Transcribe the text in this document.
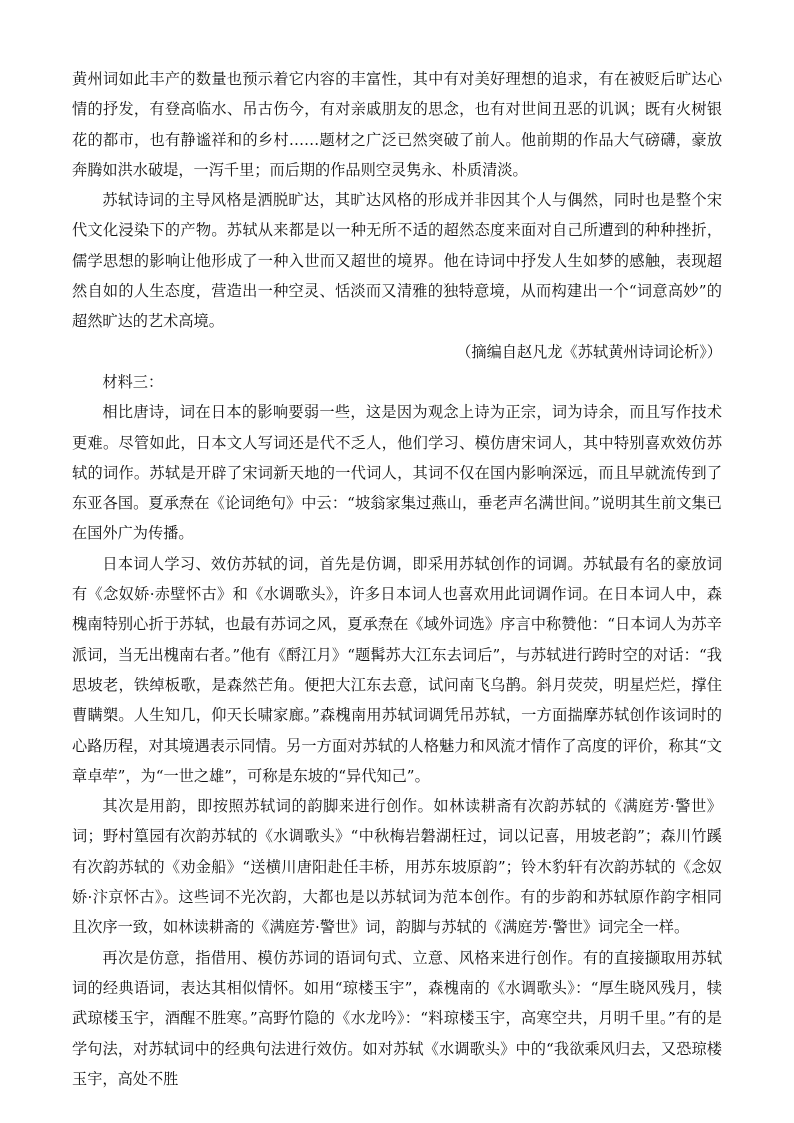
黄州词如此丰产的数量也预示着它内容的丰富性，其中有对美好理想的追求，有在被贬后旷达心情的抒发，有登高临水、吊古伤今，有对亲戚朋友的思念，也有对世间丑恶的讥讽；既有火树银花的都市，也有静谧祥和的乡村……题材之广泛已然突破了前人。他前期的作品大气磅礴，豪放奔腾如洪水破堤，一泻千里；而后期的作品则空灵隽永、朴质清淡。

苏轼诗词的主导风格是洒脱旷达，其旷达风格的形成并非因其个人与偶然，同时也是整个宋代文化浸染下的产物。苏轼从来都是以一种无所不适的超然态度来面对自己所遭到的种种挫折，儒学思想的影响让他形成了一种入世而又超世的境界。他在诗词中抒发人生如梦的感触，表现超然自如的人生态度，营造出一种空灵、恬淡而又清雅的独特意境，从而构建出一个“词意高妙”的超然旷达的艺术高境。

（摘编自赵凡龙《苏轼黄州诗词论析》）

材料三：

相比唐诗，词在日本的影响要弱一些，这是因为观念上诗为正宗，词为诗余，而且写作技术更难。尽管如此，日本文人写词还是代不乏人，他们学习、模仿唐宋词人，其中特别喜欢效仿苏轼的词作。苏轼是开辟了宋词新天地的一代词人，其词不仅在国内影响深远，而且早就流传到了东亚各国。夏承焘在《论词绝句》中云：“坡翁家集过燕山，垂老声名满世间。”说明其生前文集已在国外广为传播。

日本词人学习、效仿苏轼的词，首先是仿调，即采用苏轼创作的词调。苏轼最有名的豪放词有《念奴娇·赤壁怀古》和《水调歌头》，许多日本词人也喜欢用此词调作词。在日本词人中，森槐南特别心折于苏轼，也最有苏词之风，夏承焘在《域外词选》序言中称赞他：“日本词人为苏辛派词，当无出槐南右者。”他有《酹江月》“题髯苏大江东去词后”，与苏轼进行跨时空的对话：“我思坡老，铁绰板歌，是森然芒角。便把大江东去意，试问南飞乌鹊。斜月荧荧，明星烂烂，撑住曹瞒槊。人生知几，仰天长啸家廊。”森槐南用苏轼词调凭吊苏轼，一方面揣摩苏轼创作该词时的心路历程，对其境遇表示同情。另一方面对苏轼的人格魅力和风流才情作了高度的评价，称其“文章卓荦”，为“一世之雄”，可称是东坡的“异代知己”。

其次是用韵，即按照苏轼词的韵脚来进行创作。如林读耕斋有次韵苏轼的《满庭芳·警世》词；野村篁园有次韵苏轼的《水调歌头》“中秋梅岩磐湖枉过，词以记喜，用坡老韵”；森川竹蹊有次韵苏轼的《劝金船》“送横川唐阳赴任丰桥，用苏东坡原韵”；铃木豹轩有次韵苏轼的《念奴娇·汴京怀古》。这些词不光次韵，大都也是以苏轼词为范本创作。有的步韵和苏轼原作韵字相同且次序一致，如林读耕斋的《满庭芳·警世》词，韵脚与苏轼的《满庭芳·警世》词完全一样。

再次是仿意，指借用、模仿苏词的语词句式、立意、风格来进行创作。有的直接撷取用苏轼词的经典语词，表达其相似情怀。如用“琼楼玉宇”，森槐南的《水调歌头》：“厚生晓风残月，犊武琼楼玉宇，酒醒不胜寒。”高野竹隐的《水龙吟》：“料琼楼玉宇，高寒空共，月明千里。”有的是学句法，对苏轼词中的经典句法进行效仿。如对苏轼《水调歌头》中的“我欲乘风归去，又恐琼楼玉宇，高处不胜
